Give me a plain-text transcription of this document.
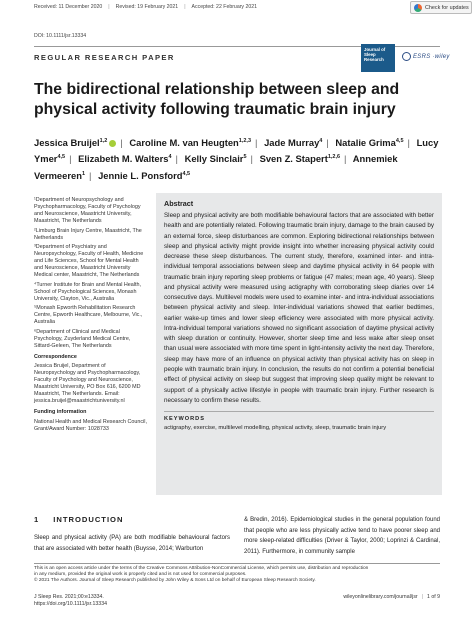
Received: 11 December 2020 | Revised: 19 February 2021 | Accepted: 22 February 2021
DOI: 10.1111/jsr.13334
Check for updates
REGULAR RESEARCH PAPER
Journal of Sleep Research	ESRS ·wiley
The bidirectional relationship between sleep and physical activity following traumatic brain injury
Jessica Bruijel$^{1,2}$ | Caroline M. van Heugten$^{1,2,3}$ | Jade Murray$^4$ | Natalie Grima$^{4,5}$ | Lucy Ymer$^{4,5}$ | Elizabeth M. Walters$^4$ | Kelly Sinclair$^5$ | Sven Z. Stapert$^{1,2,6}$ | Annemiek Vermeeren$^1$ | Jennie L. Ponsford$^{4,5}$

¹Department of Neuropsychology and Psychopharmacology, Faculty of Psychology and Neuroscience, Maastricht University, Maastricht, The Netherlands

²Limburg Brain Injury Centre, Maastricht, The Netherlands

³Department of Psychiatry and Neuropsychology, Faculty of Health, Medicine and Life Sciences, School for Mental Health and Neuroscience, Maastricht University Medical center, Maastricht, The Netherlands

⁴Turner Institute for Brain and Mental Health, School of Psychological Sciences, Monash University, Clayton, Vic., Australia

⁵Monash Epworth Rehabilitation Research Centre, Epworth Healthcare, Melbourne, Vic., Australia

⁶Department of Clinical and Medical Psychology, Zuyderland Medical Centre, Sittard-Geleen, The Netherlands

Correspondence

Jessica Bruijel, Department of Neuropsychology and Psychopharmacology, Faculty of Psychology and Neuroscience, Maastricht University, PO Box 616, 6200 MD Maastricht, The Netherlands. Email: jessica.bruijel@maastrichtuniversity.nl

Funding information

National Health and Medical Research Council, Grant/Award Number: 1028733

Abstract
Sleep and physical activity are both modifiable behavioural factors that are associated with better health and are potentially related. Following traumatic brain injury, damage to the brain caused by an external force, sleep disturbances are common. Exploring bidirectional relationships between sleep and physical activity might provide insight into whether increasing physical activity could decrease these sleep disturbances. The current study, therefore, examined inter- and intra-individual temporal associations between sleep and daytime physical activity in 64 people with traumatic brain injury reporting sleep problems or fatigue (47 males; mean age, 40 years). Sleep and physical activity were measured using actigraphy with corroborating sleep diaries over 14 consecutive days. Multilevel models were used to examine inter- and intra-individual associations between physical activity and sleep. Inter-individual variations showed that earlier bedtimes, earlier wake-up times and lower sleep efficiency were associated with more physical activity. Intra-individual temporal variations showed no significant association of daytime physical activity with sleep duration or continuity. However, shorter sleep time and less wake after sleep onset than usual were associated with more time spent in light-intensity activity the next day. Therefore, sleep may have more of an influence on physical activity than physical activity has on sleep in people with traumatic brain injury. In conclusion, the results do not confirm a potential beneficial effect of physical activity on sleep but suggest that improving sleep quality might be relevant to support of a physically active lifestyle in people with traumatic brain injury. Further research is necessary to confirm these results.
KEYWORDS
actigraphy, exercise, multilevel modelling, physical activity, sleep, traumatic brain injury
1 INTRODUCTION
Sleep and physical activity (PA) are both modifiable behavioural factors that are associated with better health (Buysse, 2014; Warburton
& Bredin, 2016). Epidemiological studies in the general population found that people who are less physically active tend to have poorer sleep and more sleep-related difficulties (Driver & Taylor, 2000; Loprinzi & Cardinal, 2011). Furthermore, in community sample
This is an open access article under the terms of the Creative Commons Attribution-NonCommercial License, which permits use, distribution and reproduction
in any medium, provided the original work is properly cited and is not used for commercial purposes.
© 2021 The Authors. Journal of Sleep Research published by John Wiley & Sons Ltd on behalf of European Sleep Research Society.
J Sleep Res. 2021;00:e13334.
https://doi.org/10.1111/jsr.13334
wileyonlinelibrary.com/journal/jsr | 1 of 9
